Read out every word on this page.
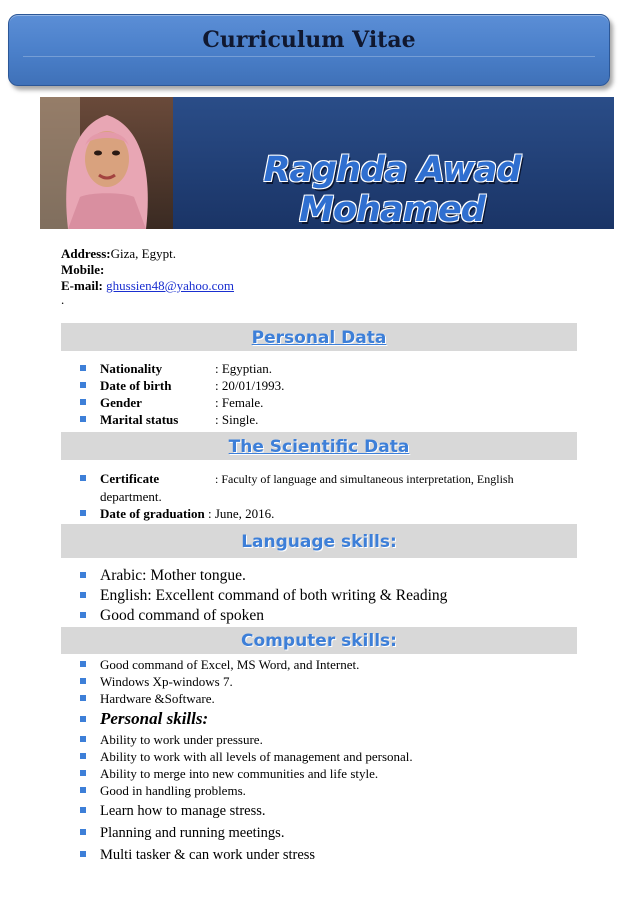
Curriculum Vitae
Raghda Awad Mohamed
Address:Giza, Egypt.
Mobile:
E-mail: ghussien48@yahoo.com
.
Personal Data
Nationality	: Egyptian.
Date of birth	: 20/01/1993.
Gender	: Female.
Marital status	: Single.
The Scientific Data
Certificate	: Faculty of language and simultaneous interpretation, English
department.
Date of graduation : June, 2016.
Language skills:
Arabic: Mother tongue.
English: Excellent command of both writing & Reading
Good command of spoken
Computer skills:
Good command of Excel, MS Word, and Internet.
Windows Xp-windows 7.
Hardware &Software.
Personal skills:
Ability to work under pressure.
Ability to work with all levels of management and personal.
Ability to merge into new communities and life style.
Good in handling problems.
Learn how to manage stress.
Planning and running meetings.
Multi tasker & can work under stress
